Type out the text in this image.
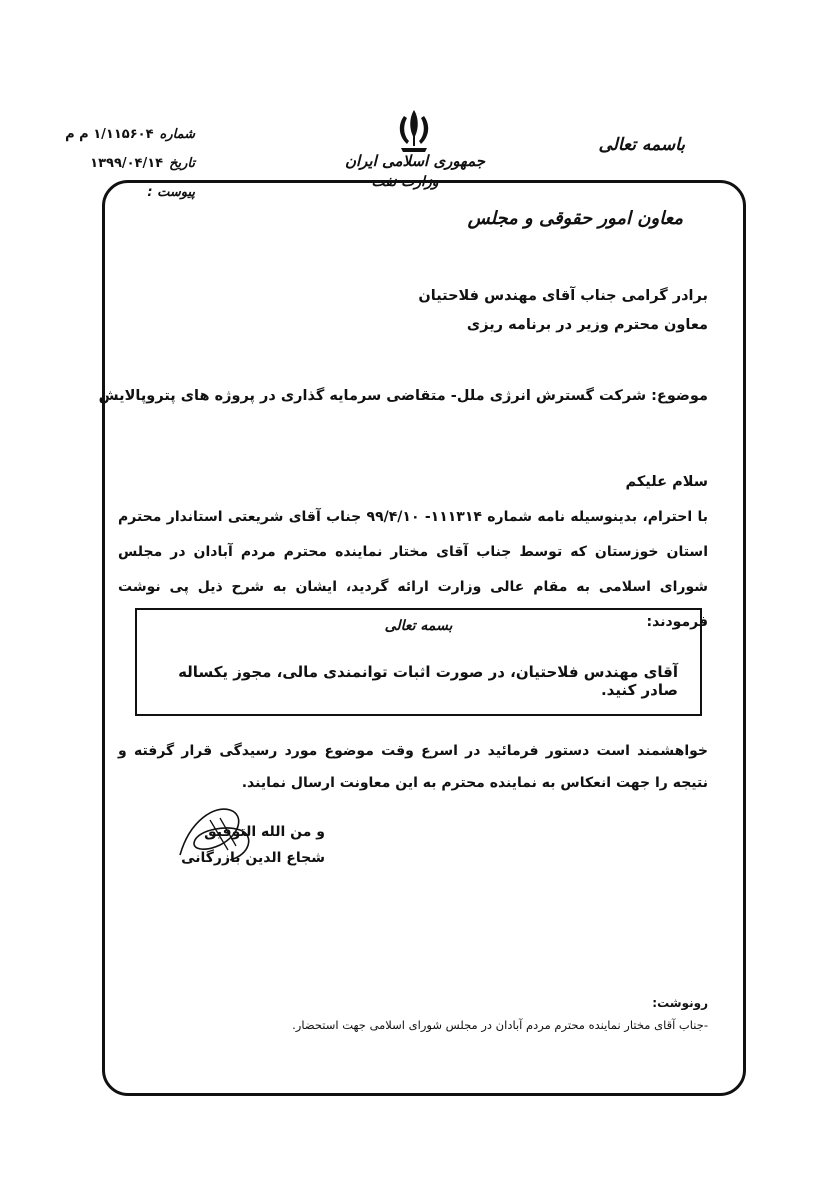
شماره
۱/۱۱۵۶۰۴ م م
تاریخ
۱۳۹۹/۰۴/۱۴	جمهوری اسلامی ایران
باسمه تعالی
معاون امور حقوقی و مجلس
برادر گرامی جناب آقای مهندس فلاحتیان
معاون محترم وزیر در برنامه ریزی
موضوع: شرکت گسترش انرژی ملل- متقاضی سرمایه گذاری در پروژه های پتروپالایش
سلام علیکم
با احترام، بدینوسیله نامه شماره ۱۱۱۳۱۴- ۹۹/۴/۱۰ جناب آقای شریعتی استاندار محترم استان خوزستان که توسط جناب آقای مختار نماینده محترم مردم آبادان در مجلس شورای اسلامی به مقام عالی وزارت ارائه گردید، ایشان به شرح ذیل پی نوشت فرمودند:
بسمه تعالی
آقای مهندس فلاحتیان، در صورت اثبات توانمندی مالی، مجوز یکساله صادر کنید.
خواهشمند است دستور فرمائید در اسرع وقت موضوع مورد رسیدگی قرار گرفته و نتیجه را جهت انعکاس به نماینده محترم به این معاونت ارسال نمایند.
و من الله التوفیق
شجاع الدین بازرگانی
رونوشت:
-جناب آقای مختار نماینده محترم مردم آبادان در مجلس شورای اسلامی جهت استحضار.
